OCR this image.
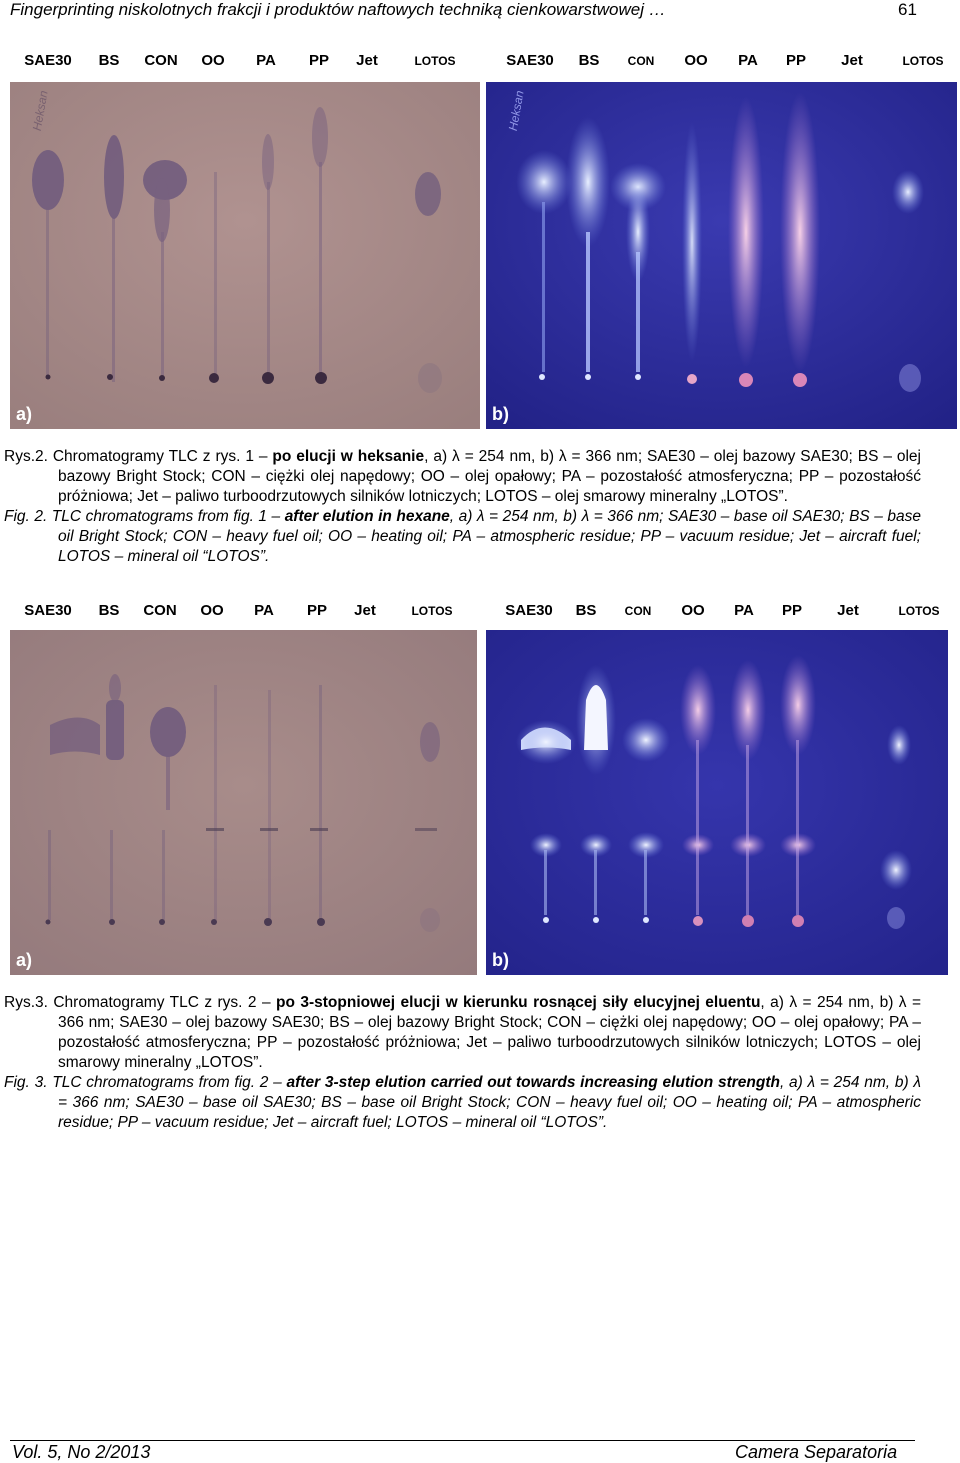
Fingerprinting niskolotnych frakcji i produktów naftowych techniką cienkowarstwowej …	61
SAE30 BS CON OO PA PP Jet	LOTOS	SAE30 BS CON OO PA PP Jet	LOTOS
Heksan
a)
Heksan
b)

Rys.2. Chromatogramy TLC z rys. 1 – po elucji w heksanie, a) λ = 254 nm, b) λ = 366 nm; SAE30 – olej bazowy SAE30; BS – olej bazowy Bright Stock; CON – ciężki olej napędowy; OO – olej opałowy; PA – pozostałość atmosferyczna; PP – pozostałość próżniowa; Jet – paliwo turboodrzutowych silników lotniczych; LOTOS – olej smarowy mineralny „LOTOS”.

Fig. 2. TLC chromatograms from fig. 1 – after elution in hexane, a) λ = 254 nm, b) λ = 366 nm; SAE30 – base oil SAE30; BS – base oil Bright Stock; CON – heavy fuel oil; OO – heating oil; PA – atmospheric residue; PP – vacuum residue; Jet – aircraft fuel; LOTOS – mineral oil “LOTOS”.

SAE30 BS CON OO PA PP Jet	LOTOS	SAE30 BS CON OO PA PP Jet	LOTOS
a)	b)

Rys.3. Chromatogramy TLC z rys. 2 – po 3-stopniowej elucji w kierunku rosnącej siły elucyjnej eluentu, a) λ = 254 nm, b) λ = 366 nm; SAE30 – olej bazowy SAE30; BS – olej bazowy Bright Stock; CON – ciężki olej napędowy; OO – olej opałowy; PA – pozostałość atmosferyczna; PP – pozostałość próżniowa; Jet – paliwo turboodrzutowych silników lotniczych; LOTOS – olej smarowy mineralny „LOTOS”.

Fig. 3. TLC chromatograms from fig. 2 – after 3-step elution carried out towards increasing elution strength, a) λ = 254 nm, b) λ = 366 nm; SAE30 – base oil SAE30; BS – base oil Bright Stock; CON – heavy fuel oil; OO – heating oil; PA – atmospheric residue; PP – vacuum residue; Jet – aircraft fuel; LOTOS – mineral oil “LOTOS”.

Vol. 5, No 2/2013	Camera Separatoria
